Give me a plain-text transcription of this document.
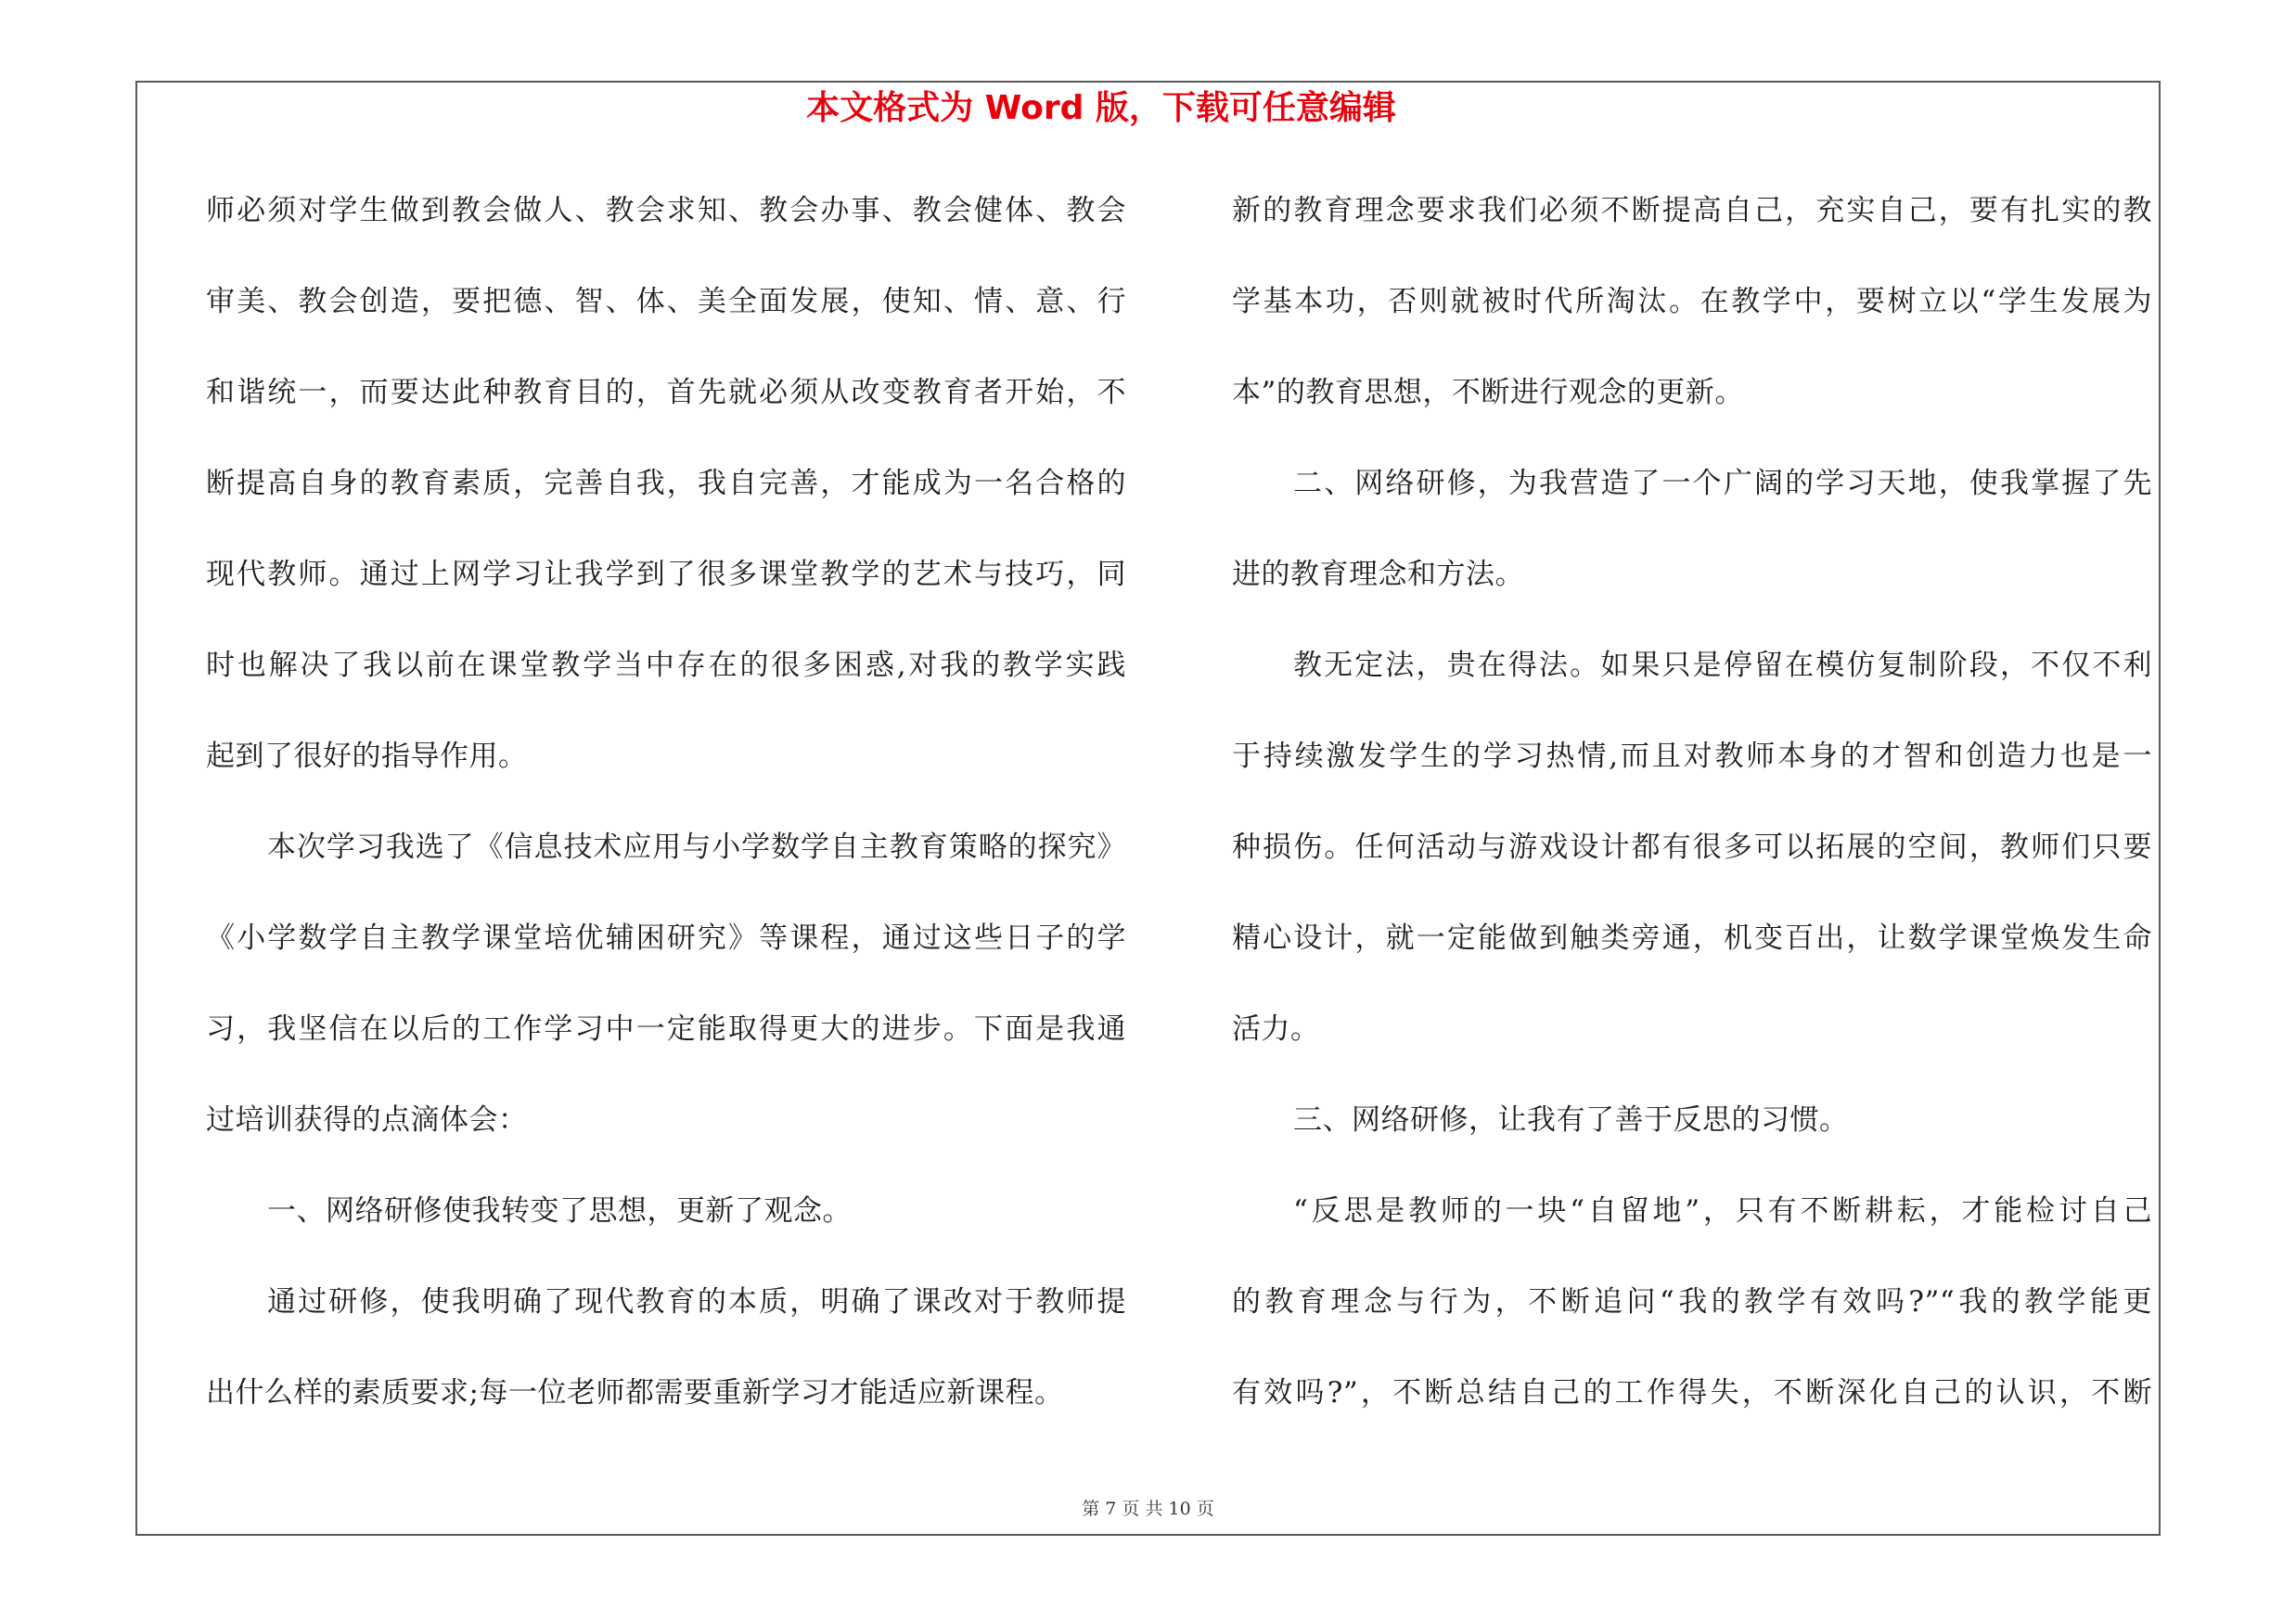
本文格式为 Word 版，下载可任意编辑
师必须对学生做到教会做人、教会求知、教会办事、教会健体、教会
审美、教会创造，要把德、智、体、美全面发展，使知、情、意、行
和谐统一，而要达此种教育目的，首先就必须从改变教育者开始，不
断提高自身的教育素质，完善自我，我自完善，才能成为一名合格的
现代教师。通过上网学习让我学到了很多课堂教学的艺术与技巧，同
时也解决了我以前在课堂教学当中存在的很多困惑,对我的教学实践
起到了很好的指导作用。
本次学习我选了《信息技术应用与小学数学自主教育策略的探究》
《小学数学自主教学课堂培优辅困研究》等课程，通过这些日子的学
习，我坚信在以后的工作学习中一定能取得更大的进步。下面是我通
过培训获得的点滴体会：
一、网络研修使我转变了思想，更新了观念。
通过研修，使我明确了现代教育的本质，明确了课改对于教师提
出什么样的素质要求;每一位老师都需要重新学习才能适应新课程。
新的教育理念要求我们必须不断提高自己，充实自己，要有扎实的教
学基本功，否则就被时代所淘汰。在教学中，要树立以“学生发展为
本”的教育思想，不断进行观念的更新。
二、网络研修，为我营造了一个广阔的学习天地，使我掌握了先
进的教育理念和方法。
教无定法，贵在得法。如果只是停留在模仿复制阶段，不仅不利
于持续激发学生的学习热情,而且对教师本身的才智和创造力也是一
种损伤。任何活动与游戏设计都有很多可以拓展的空间，教师们只要
精心设计，就一定能做到触类旁通，机变百出，让数学课堂焕发生命
活力。
三、网络研修，让我有了善于反思的习惯。
“反思是教师的一块“自留地”，只有不断耕耘，才能检讨自己
的教育理念与行为，不断追问“我的教学有效吗?”“我的教学能更
有效吗?”，不断总结自己的工作得失，不断深化自己的认识，不断
第 7 页 共 10 页
